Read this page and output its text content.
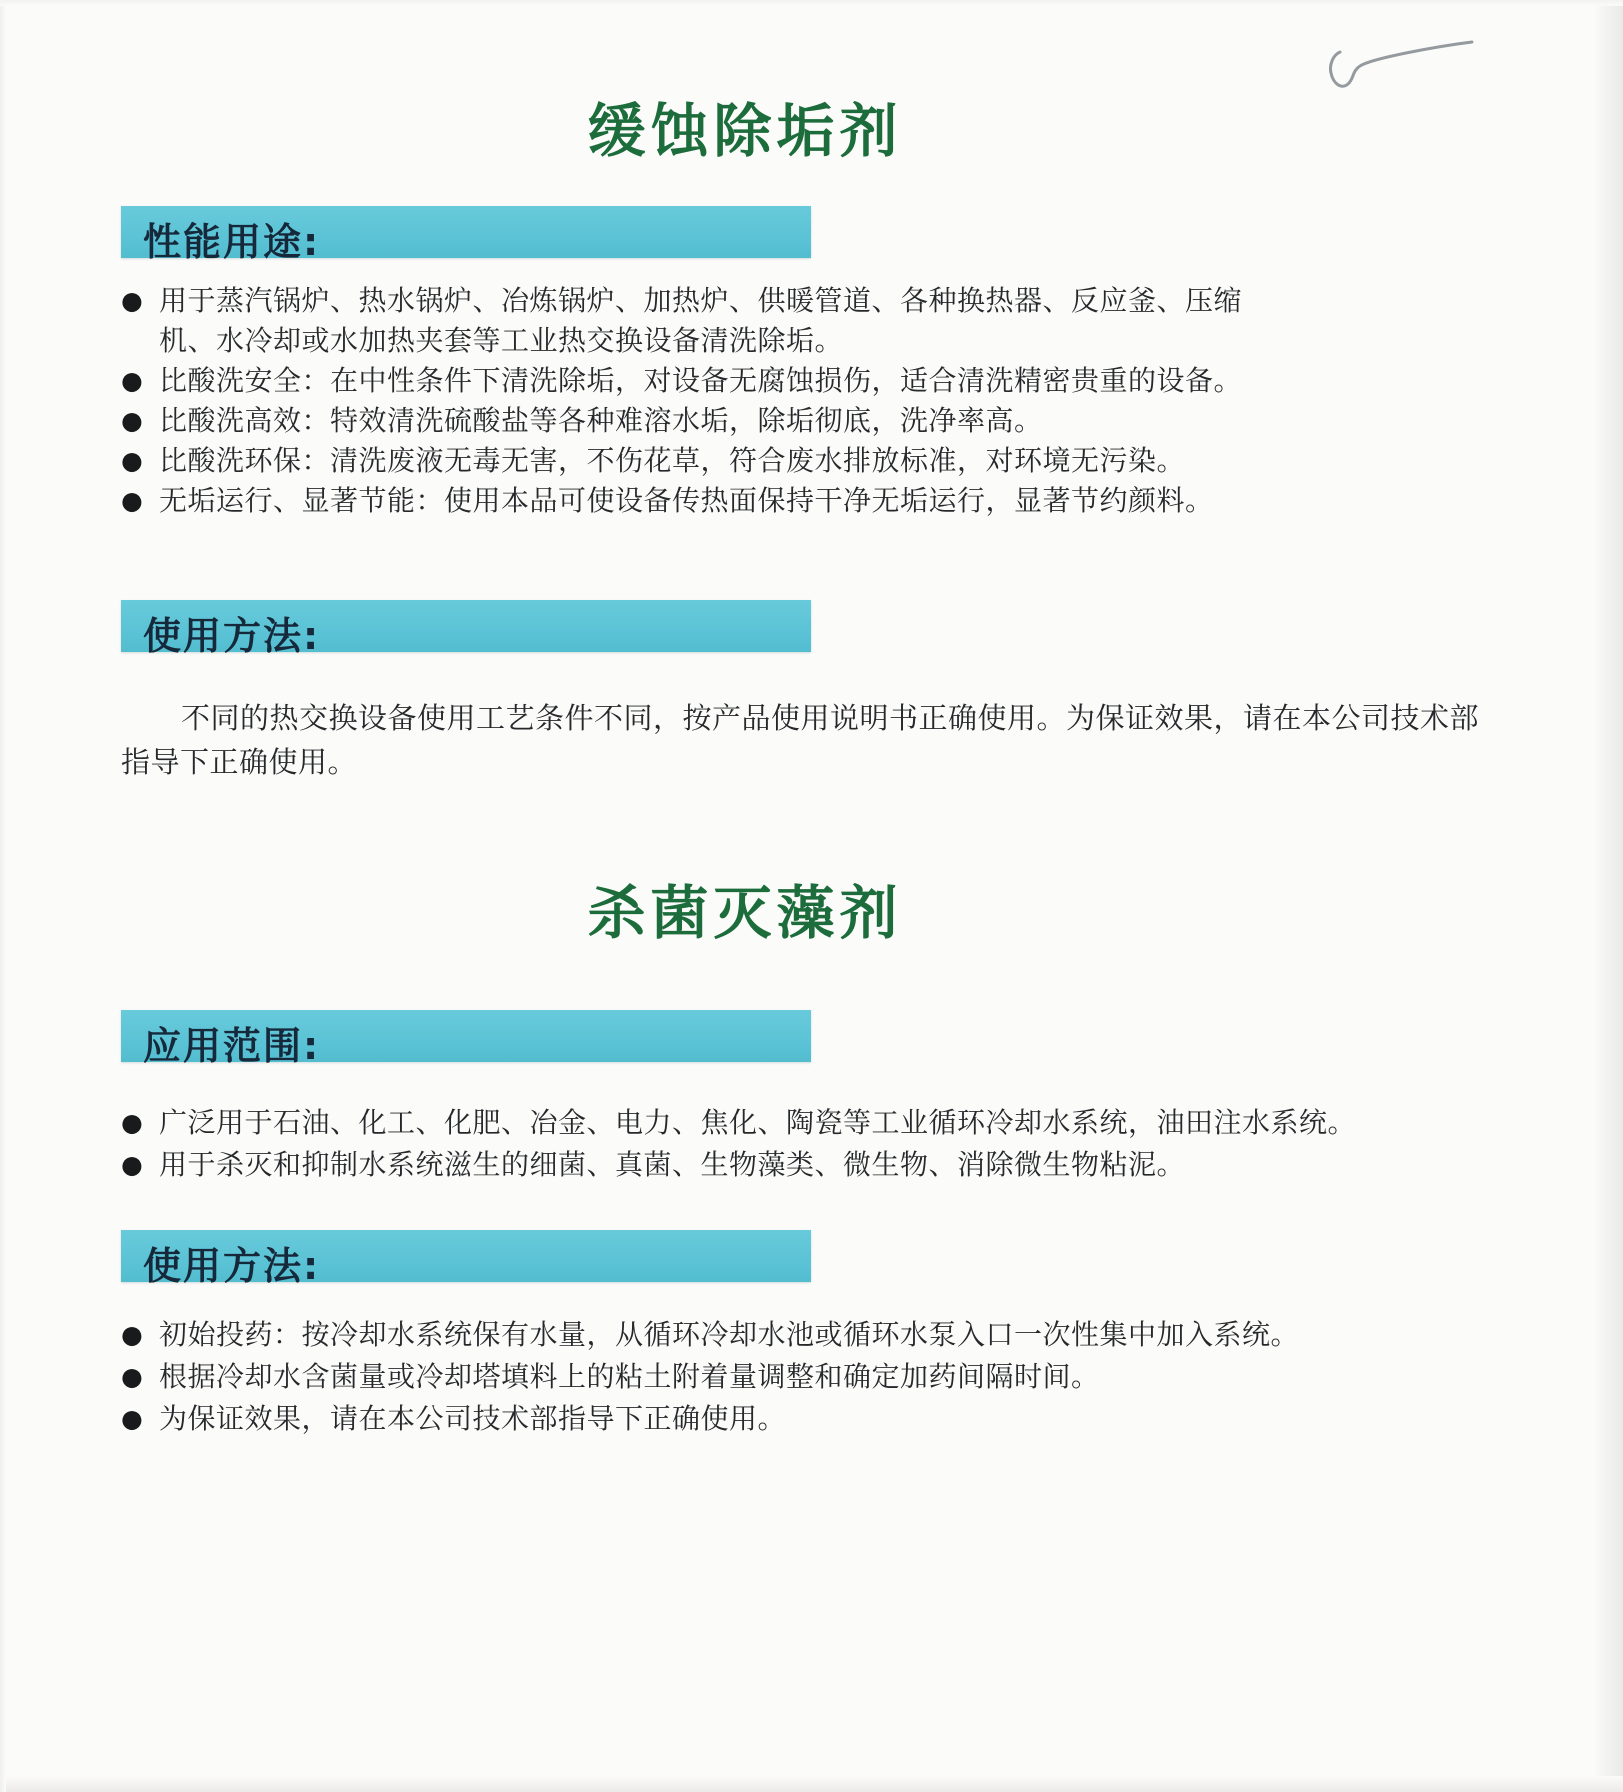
缓蚀除垢剂
性能用途:
● 用于蒸汽锅炉、热水锅炉、冶炼锅炉、加热炉、供暖管道、各种换热器、反应釜、压缩机、水冷却或水加热夹套等工业热交换设备清洗除垢。
● 比酸洗安全：在中性条件下清洗除垢，对设备无腐蚀损伤，适合清洗精密贵重的设备。
● 比酸洗高效：特效清洗硫酸盐等各种难溶水垢，除垢彻底，洗净率高。
● 比酸洗环保：清洗废液无毒无害，不伤花草，符合废水排放标准，对环境无污染。
● 无垢运行、显著节能：使用本品可使设备传热面保持干净无垢运行，显著节约颜料。
使用方法:
不同的热交换设备使用工艺条件不同，按产品使用说明书正确使用。为保证效果，请在本公司技术部指导下正确使用。
杀菌灭藻剂
应用范围:
● 广泛用于石油、化工、化肥、冶金、电力、焦化、陶瓷等工业循环冷却水系统，油田注水系统。
● 用于杀灭和抑制水系统滋生的细菌、真菌、生物藻类、微生物、消除微生物粘泥。
使用方法:
● 初始投药：按冷却水系统保有水量，从循环冷却水池或循环水泵入口一次性集中加入系统。
● 根据冷却水含菌量或冷却塔填料上的粘土附着量调整和确定加药间隔时间。
● 为保证效果，请在本公司技术部指导下正确使用。
